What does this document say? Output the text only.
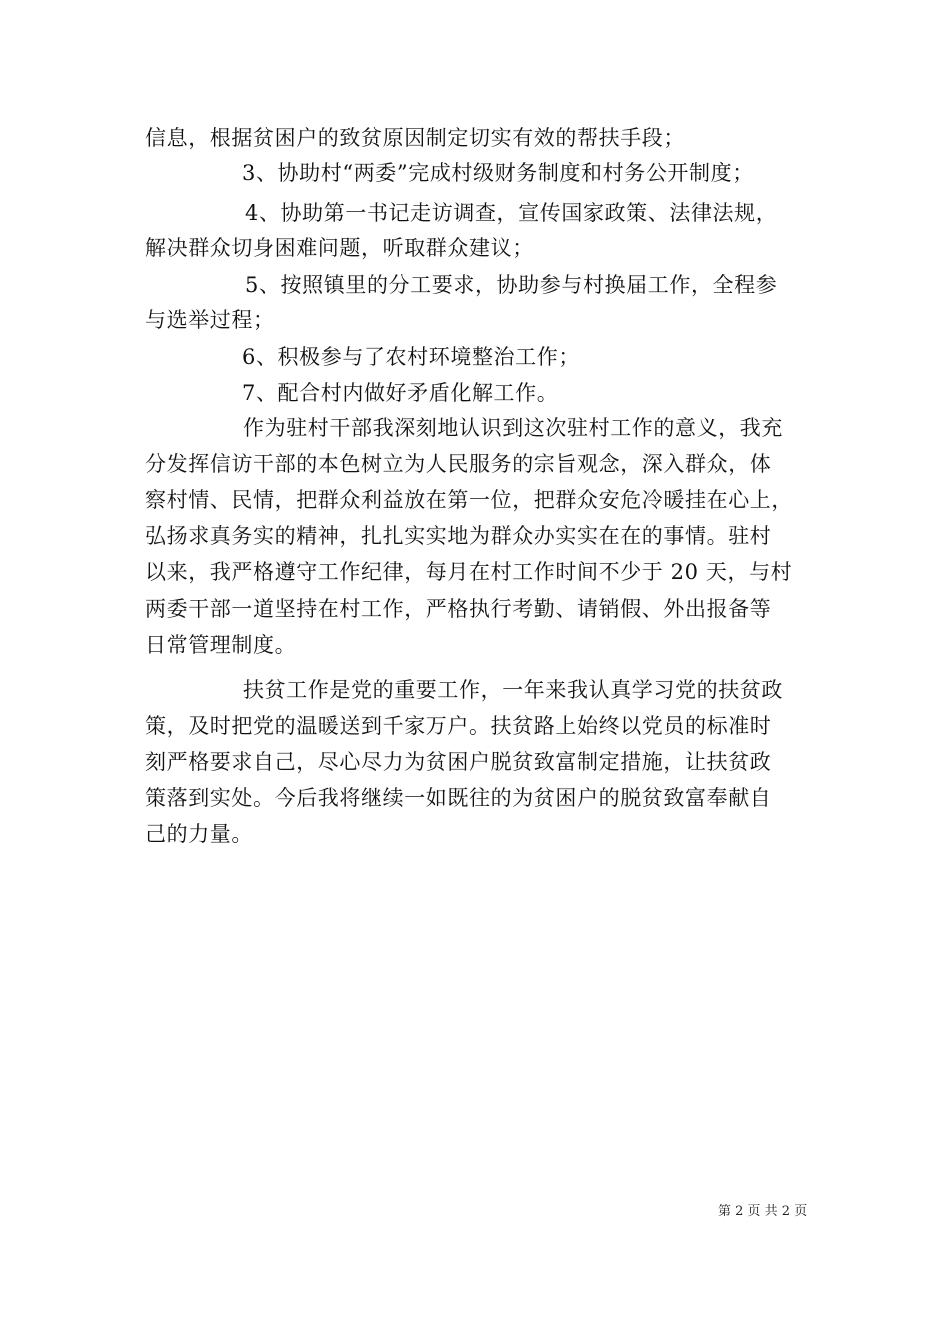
信息，根据贫困户的致贫原因制定切实有效的帮扶手段；
3、协助村“两委”完成村级财务制度和村务公开制度；
4、协助第一书记走访调查，宣传国家政策、法律法规，
解决群众切身困难问题，听取群众建议；
5、按照镇里的分工要求，协助参与村换届工作，全程参
与选举过程；
6、积极参与了农村环境整治工作；
7、配合村内做好矛盾化解工作。
作为驻村干部我深刻地认识到这次驻村工作的意义，我充
分发挥信访干部的本色树立为人民服务的宗旨观念，深入群众，体
察村情、民情，把群众利益放在第一位，把群众安危冷暖挂在心上，
弘扬求真务实的精神，扎扎实实地为群众办实实在在的事情。驻村
以来，我严格遵守工作纪律，每月在村工作时间不少于 20 天，与村
两委干部一道坚持在村工作，严格执行考勤、请销假、外出报备等
日常管理制度。
扶贫工作是党的重要工作，一年来我认真学习党的扶贫政
策，及时把党的温暖送到千家万户。扶贫路上始终以党员的标准时
刻严格要求自己，尽心尽力为贫困户脱贫致富制定措施，让扶贫政
策落到实处。今后我将继续一如既往的为贫困户的脱贫致富奉献自
己的力量。
第 2 页 共 2 页
